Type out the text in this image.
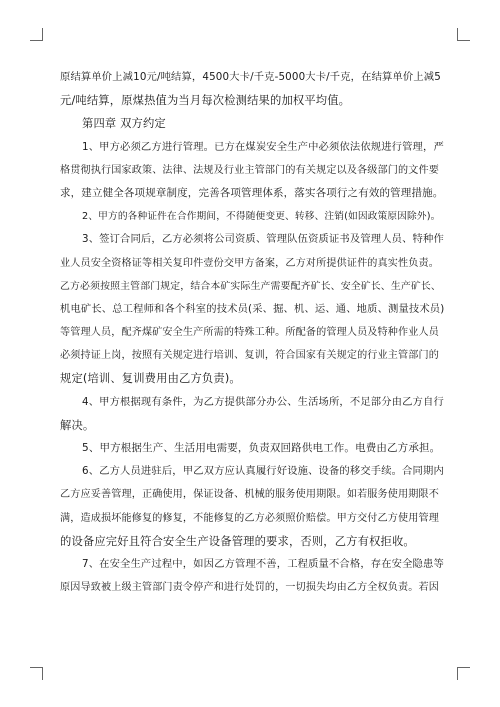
原结算单价上减10元/吨结算，4500大卡/千克-5000大卡/千克，在结算单价上减5
元/吨结算，原煤热值为当月每次检测结果的加权平均值。
第四章 双方约定
1、甲方必须乙方进行管理。已方在煤炭安全生产中必须依法依规进行管理，严
格贯彻执行国家政策、法律、法规及行业主管部门的有关规定以及各级部门的文件要
求，建立健全各项规章制度，完善各项管理体系，落实各项行之有效的管理措施。
2、甲方的各种证件在合作期间，不得随便变更、转移、注销(如因政策原因除外)。
3、签订合同后，乙方必须将公司资质、管理队伍资质证书及管理人员、特种作
业人员安全资格证等相关复印件壹份交甲方备案，乙方对所提供证件的真实性负责。
乙方必须按照主管部门规定，结合本矿实际生产需要配齐矿长、安全矿长、生产矿长、
机电矿长、总工程师和各个科室的技术员(采、掘、机、运、通、地质、测量技术员)
等管理人员，配齐煤矿安全生产所需的特殊工种。所配备的管理人员及特种作业人员
必须持证上岗，按照有关规定进行培训、复训，符合国家有关规定的行业主管部门的
规定(培训、复训费用由乙方负责)。
4、甲方根据现有条件，为乙方提供部分办公、生活场所，不足部分由乙方自行
解决。
5、甲方根据生产、生活用电需要，负责双回路供电工作。电费由乙方承担。
6、乙方人员进驻后，甲乙双方应认真履行好设施、设备的移交手续。合同期内
乙方应妥善管理，正确使用，保证设备、机械的服务使用期限。如若服务使用期限不
满，造成损坏能修复的修复，不能修复的乙方必须照价赔偿。甲方交付乙方使用管理
的设备应完好且符合安全生产设备管理的要求，否则，乙方有权拒收。
7、在安全生产过程中，如因乙方管理不善，工程质量不合格，存在安全隐患等
原因导致被上级主管部门责令停产和进行处罚的，一切损失均由乙方全权负责。若因
